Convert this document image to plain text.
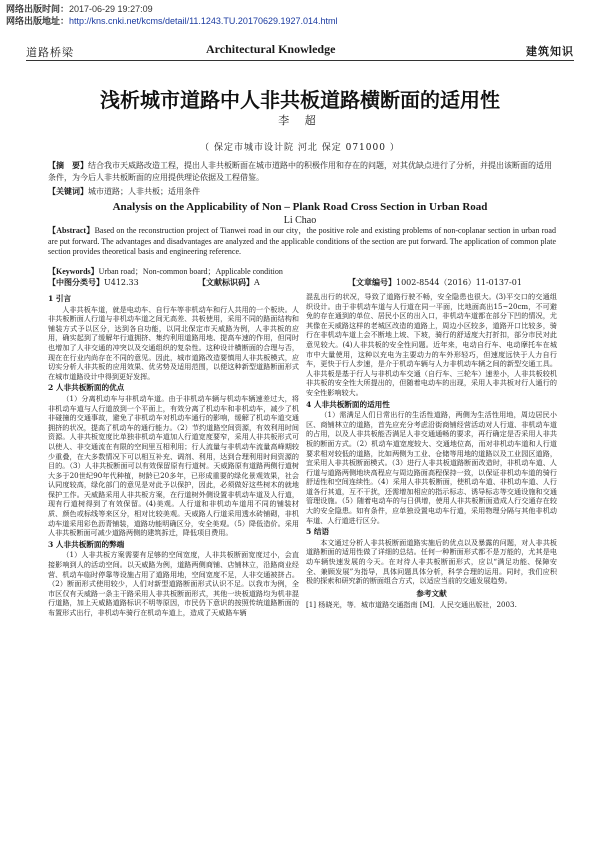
网络出版时间：2017-06-29 19:27:09
网络出版地址：http://kns.cnki.net/kcms/detail/11.1243.TU.20170629.1927.014.html
道路桥梁	Architectural Knowledge	建筑知识
浅析城市道路中人非共板道路横断面的适用性
李 超
（ 保定市城市设计院 河北 保定 071000 ）
【摘　要】结合我市天威路改造工程，提出人非共板断面在城市道路中的积极作用和存在的问题，对其优缺点进行了分析，并提出该断面的适用条件，为今后人非共板断面的应用提供理论依据及工程借鉴。
【关键词】城市道路；人非共板；适用条件
Analysis on the Applicability of Non – Plank Road Cross Section in Urban Road
Li Chao
【Abstract】Based on the reconstruction project of Tianwei road in our city，the positive role and existing problems of non-coplanar section in urban road are put forward. The advantages and disadvantages are analyzed and the applicable conditions of the section are put forward. The application of common plate section provides theoretical basis and engineering reference.
【Keywords】Urban road；Non-common board；Applicable condition
【中图分类号】U412.33	【文献标识码】A	【文章编号】1002-8544（2016）11-0137-01
1 引言

人非共板车道，就是电动车、自行车等非机动车和行人共用的一个板块。人非共板断面人行道与非机动车道之间无高差、共板使用，采用不同的路面结构和铺装方式予以区分，达到各自功能，以同北保定市天威路为例，人非共板的应用，确实起到了缓解年行道拥挤、集约利用道路用地、提高车速的作用，但同时也增加了人非交通的冲突以及交通组织的复杂性。这种设计横断面的合理与否，现在在行业内尚存在不同的意见。因此，城市道路改造要慎用人非共板模式，应切实分析人非共板的应用效果、优劣势及适用范围，以便这种新型道路断面形式在城市道路设计中得到更好发挥。

2 人非共板断面的优点

（1）分离机动车与非机动车道。由于非机动车辆与机动车辆速差过大，将非机动车道与人行道放到一个平面上，有效分离了机动车和非机动车，减少了机非碰撞的交通事故，避免了非机动车对机动车通行的影响，缓解了机动车道交通拥挤的状况，提高了机动车的通行能力。（2）节约道路空间资源，有效利用时间资源。人非共板宽度比单独非机动车道加人行道宽度要窄，采用人非共板形式可以使人、非交通流在有限的空间里互相利用；行人流量与非机动车流量高峰期较少重叠，在大多数情况下可以相互补充、调剂、利用，达到合理利用时间资源的目的。（3）人非共板断面可以有效保留原有行道树。天威路原有道路两侧行道树大多于20世纪90年代种植，树龄已20多年，已形成重要的绿化景观效果，社会认同度较高，绿化部门的意见是对此予以保护，因此，必须做好这些树木的就地保护工作。天威路采用人非共板方案，在行道树外侧设置非机动车道及人行道，现有行道树得到了有效保留。(4)美观。人行道和非机动车道用不同的铺装材质、颜色或标线等来区分，相对比较美观。天威路人行道采用透水砖铺砌，非机动车道采用彩色沥青铺装，道路功能明确区分，安全美观。（5）降低造价。采用人非共板断面可减少道路两侧的建筑拆迁，降低项目费用。

3 人非共板断面的弊端

（1）人非共板方案需要有足够的空间宽度，人非共板断面宽度过小，会直接影响到人的活动空间。以天威路为例，道路两侧商铺、店铺林立，沿路商业经营、机动车临时停靠等设施占用了道路用地，空间宽度不足，人非交通被挤占。（2）断面形式使用较少，人们对新型道路断面形式认识不足。以我市为例，全市区仅有天威路一条主干路采用人非共板断面形式，其他一块板道路均为机非混行道路，加上天威路道路标识不明等原因，市民仍下意识的按照传统道路断面的布置形式出行，非机动车骑行在机动车道上，造成了天威路车辆

混乱出行的状况，导致了道路行驶不畅，安全隐患也很大。(3)平交口的交通组织设计。由于非机动车道与人行道在同一平面，比地面高出15~20cm，不可避免的存在通到的单位、居民小区的出入口，非机动车道都在部分下凹的情况，尤其像在天威路这样的老城区改造的道路上，周边小区较多，道路开口比较多，骑行在非机动车道上会不断地上坡、下坡，骑行的舒适度大打折扣，部分市民对此意见较大。(4)人非共板的安全性问题。近年来，电动自行车、电动摩托车在城市中大量使用，这种以充电为主要动力的车外形轻巧，但速度远快于人力自行车，更快于行人步速，是介于机动车辆与人力非机动车辆之间的新型交通工具。人非共板是基于行人与非机动车交通（自行车、三轮车）速差小，人非共板较机非共板的安全性大所提出的，但随着电动车的出现，采用人非共板对行人通行的安全性影响较大。

4 人非共板断面的适用性

（1）需满足人们日常出行的生活性道路，两侧为生活性用地，周边居民小区、商铺林立的道路，首先应充分考虑沿街商铺经营活动对人行道、非机动车道的占用，以及人非共板能否满足人非交通通畅的要求，再行确定是否采用人非共板的断面方式。（2）机动车道宽度较大、交通地位高，而对非机动车道和人行道要求相对较低的道路，比如两侧为工业、仓储等用地的道路以及工业园区道路，宜采用人非共板断面模式。（3）进行人非共板道路断面改造时，非机动车道、人行道与道路两侧地块高程应与周边路面高程保持一致，以保证非机动车道的骑行舒适性和空间连续性。（4）采用人非共板断面，使机动车道、非机动车道、人行道各行其道，互不干扰，还需增加相应的指示标志、诱导标志等交通设施和交通管理设施。（5）随着电动车的与日俱增，使用人非共板断面造成人行交通存在较大的安全隐患。如有条件，应单独设置电动车行道，采用物理分隔与其他非机动车道、人行道进行区分。

5 结语

本文通过分析人非共板断面道路实施后的优点以及暴露的问题，对人非共板道路断面的适用性做了详细的总结。任何一种断面形式都不是万能的，尤其是电动车辆快速发展的今天。在对待人非共板断面形式，应以“满足功能、保障安全、兼顾发展”为指导，具体问题具体分析，科学合理的运用。同时，我们应积极的探索和研究新的断面组合方式，以适应当前的交通发展趋势。

参考文献

[1] 杨晓光，等．城市道路交通指南 [M]．人民交通出版社，2003.
